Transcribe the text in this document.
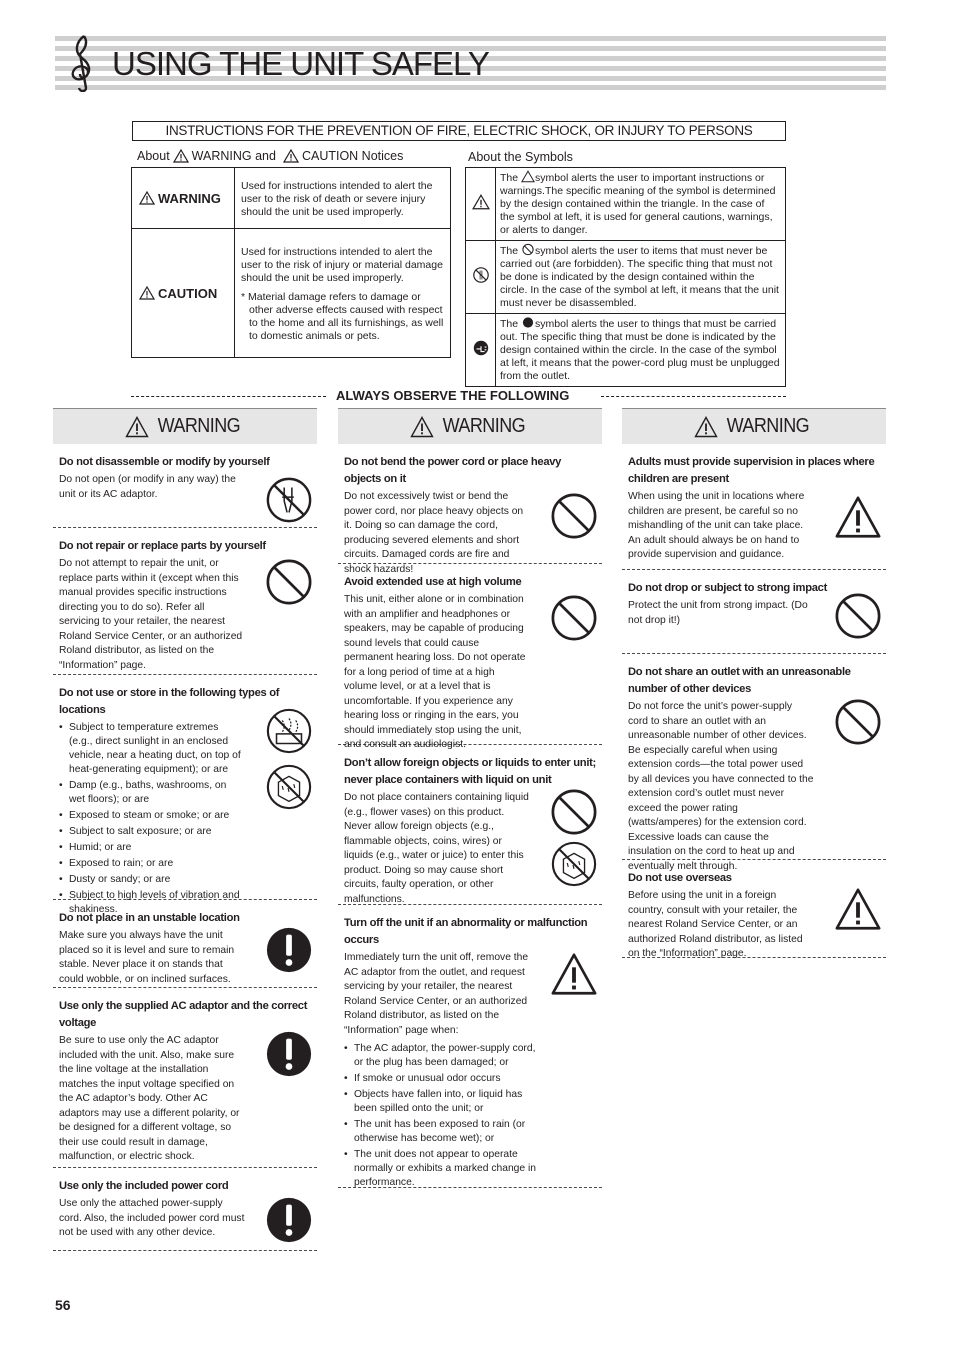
USING THE UNIT SAFELY
INSTRUCTIONS FOR THE PREVENTION OF FIRE, ELECTRIC SHOCK, OR INJURY TO PERSONS
About WARNING and CAUTION Notices	About the Symbols
WARNING	Used for instructions intended to alert the user to the risk of death or severe injury should the unit be used improperly.

CAUTION	Used for instructions intended to alert the user to the risk of injury or material damage should the unit be used improperly.
* Material damage refers to damage or other adverse effects caused with respect to the home and all its furnishings, as well to domestic animals or pets.
	The symbol alerts the user to important instructions or warnings.The specific meaning of the symbol is determined by the design contained within the triangle. In the case of the symbol at left, it is used for general cautions, warnings, or alerts to danger.
	The symbol alerts the user to items that must never be carried out (are forbidden). The specific thing that must not be done is indicated by the design contained within the circle. In the case of the symbol at left, it means that the unit must never be disassembled.
	The symbol alerts the user to things that must be carried out. The specific thing that must be done is indicated by the design contained within the circle. In the case of the symbol at left, it means that the power-cord plug must be unplugged from the outlet.
ALWAYS OBSERVE THE FOLLOWING
WARNING
Do not disassemble or modify by yourself

Do not open (or modify in any way) the unit or its AC adaptor.

Do not repair or replace parts by yourself

Do not attempt to repair the unit, or replace parts within it (except when this manual provides specific instructions directing you to do so). Refer all servicing to your retailer, the nearest Roland Service Center, or an authorized Roland distributor, as listed on the “Information” page.

Do not use or store in the following types of locations
• Subject to temperature extremes (e.g., direct sunlight in an enclosed vehicle, near a heating duct, on top of heat-generating equipment); or are
• Damp (e.g., baths, washrooms, on wet floors); or are
• Exposed to steam or smoke; or are
• Subject to salt exposure; or are
• Humid; or are
• Exposed to rain; or are
• Dusty or sandy; or are
• Subject to high levels of vibration and shakiness.
Do not place in an unstable location

Make sure you always have the unit placed so it is level and sure to remain stable. Never place it on stands that could wobble, or on inclined surfaces.

Use only the supplied AC adaptor and the correct voltage

Be sure to use only the AC adaptor included with the unit. Also, make sure the line voltage at the installation matches the input voltage specified on the AC adaptor’s body. Other AC adaptors may use a different polarity, or be designed for a different voltage, so their use could result in damage, malfunction, or electric shock.

Use only the included power cord

Use only the attached power-supply cord. Also, the included power cord must not be used with any other device.

WARNING
Do not bend the power cord or place heavy objects on it

Do not excessively twist or bend the power cord, nor place heavy objects on it. Doing so can damage the cord, producing severed elements and short circuits. Damaged cords are fire and shock hazards!

Avoid extended use at high volume

This unit, either alone or in combination with an amplifier and headphones or speakers, may be capable of producing sound levels that could cause permanent hearing loss. Do not operate for a long period of time at a high volume level, or at a level that is uncomfortable. If you experience any hearing loss or ringing in the ears, you should immediately stop using the unit, and consult an audiologist.

Don’t allow foreign objects or liquids to enter unit; never place containers with liquid on unit

Do not place containers containing liquid (e.g., flower vases) on this product. Never allow foreign objects (e.g., flammable objects, coins, wires) or liquids (e.g., water or juice) to enter this product. Doing so may cause short circuits, faulty operation, or other malfunctions.

Turn off the unit if an abnormality or malfunction occurs

Immediately turn the unit off, remove the AC adaptor from the outlet, and request servicing by your retailer, the nearest Roland Service Center, or an authorized Roland distributor, as listed on the “Information” page when:

• The AC adaptor, the power-supply cord, or the plug has been damaged; or
• If smoke or unusual odor occurs
• Objects have fallen into, or liquid has been spilled onto the unit; or
• The unit has been exposed to rain (or otherwise has become wet); or
• The unit does not appear to operate normally or exhibits a marked change in performance.
WARNING
Adults must provide supervision in places where children are present

When using the unit in locations where children are present, be careful so no mishandling of the unit can take place. An adult should always be on hand to provide supervision and guidance.

Do not drop or subject to strong impact

Protect the unit from strong impact. (Do not drop it!)

Do not share an outlet with an unreasonable number of other devices

Do not force the unit’s power-supply cord to share an outlet with an unreasonable number of other devices. Be especially careful when using extension cords—the total power used by all devices you have connected to the extension cord’s outlet must never exceed the power rating (watts/amperes) for the extension cord. Excessive loads can cause the insulation on the cord to heat up and eventually melt through.

Do not use overseas

Before using the unit in a foreign country, consult with your retailer, the nearest Roland Service Center, or an authorized Roland distributor, as listed on the “Information” page.

56
